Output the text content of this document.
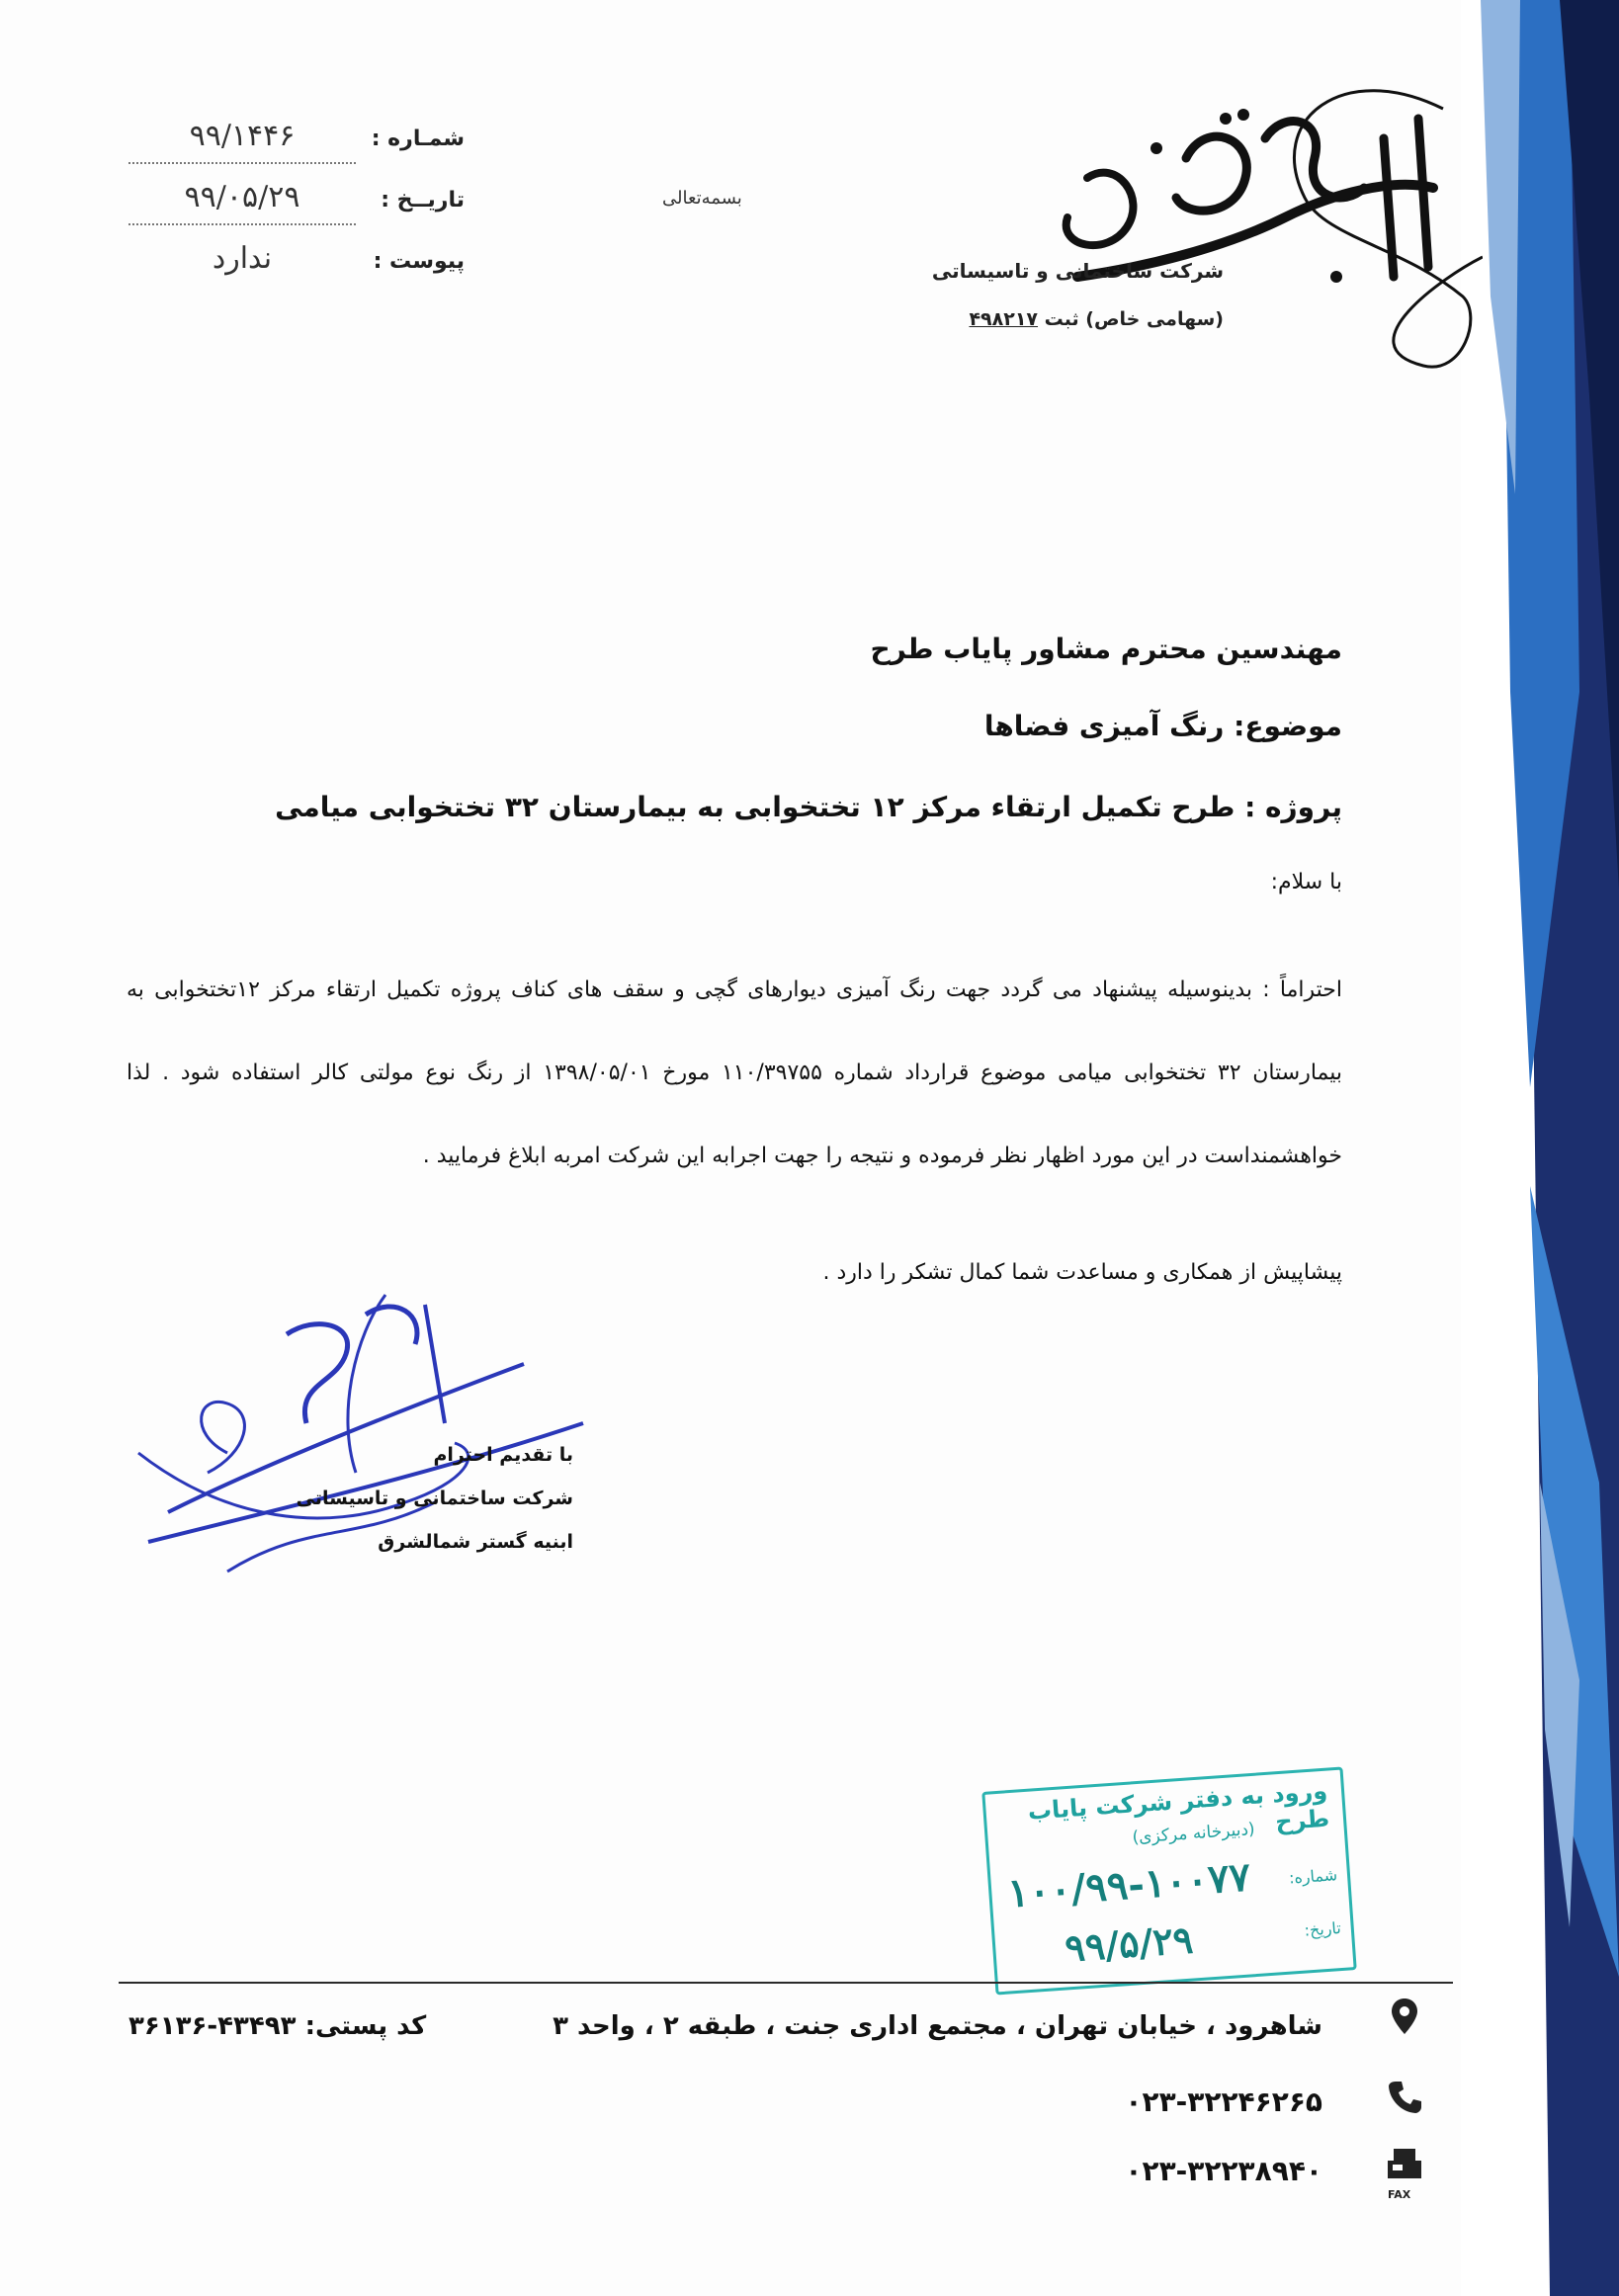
شمـاره :
۹۹/۱۴۴۶
تاریــخ :
۹۹/۰۵/۲۹
پیوست :
ندارد
بسمه‌تعالی
شرکت ساختمانی و تاسیساتی
(سهامی خاص) ثبت ۴۹۸۲۱۷
مهندسین محترم مشاور پایاب طرح
موضوع: رنگ آمیزی فضاها
پروژه : طرح تکمیل ارتقاء مرکز ۱۲ تختخوابی به بیمارستان ۳۲ تختخوابی میامی
با سلام:
احتراماً : بدینوسیله پیشنهاد می گردد جهت رنگ آمیزی دیوارهای گچی و سقف های کناف پروژه تکمیل ارتقاء مرکز ۱۲تختخوابی به بیمارستان ۳۲ تختخوابی میامی موضوع قرارداد شماره ۱۱۰/۳۹۷۵۵ مورخ ۱۳۹۸/۰۵/۰۱ از رنگ نوع مولتی کالر استفاده شود . لذا خواهشمنداست در این مورد اظهار نظر فرموده و نتیجه را جهت اجرابه این شرکت امربه ابلاغ فرمایید .
پیشاپیش از همکاری و مساعدت شما کمال تشکر را دارد .
با تقدیم احترام
شرکت ساختمانی و تاسیساتی
ابنیه گستر شمالشرق
ورود به دفتر شرکت پایاب طرح
(دبیرخانه مرکزی)
شماره:
۱۰۰/۹۹-۱۰۰۷۷
تاریخ:
۹۹/۵/۲۹
شاهرود ، خیابان تهران ، مجتمع اداری جنت ، طبقه ۲ ، واحد ۳
کد پستی: ۴۳۴۹۳-۳۶۱۳۶
۰۲۳-۳۲۲۴۶۲۶۵
FAX
۰۲۳-۳۲۲۳۸۹۴۰
